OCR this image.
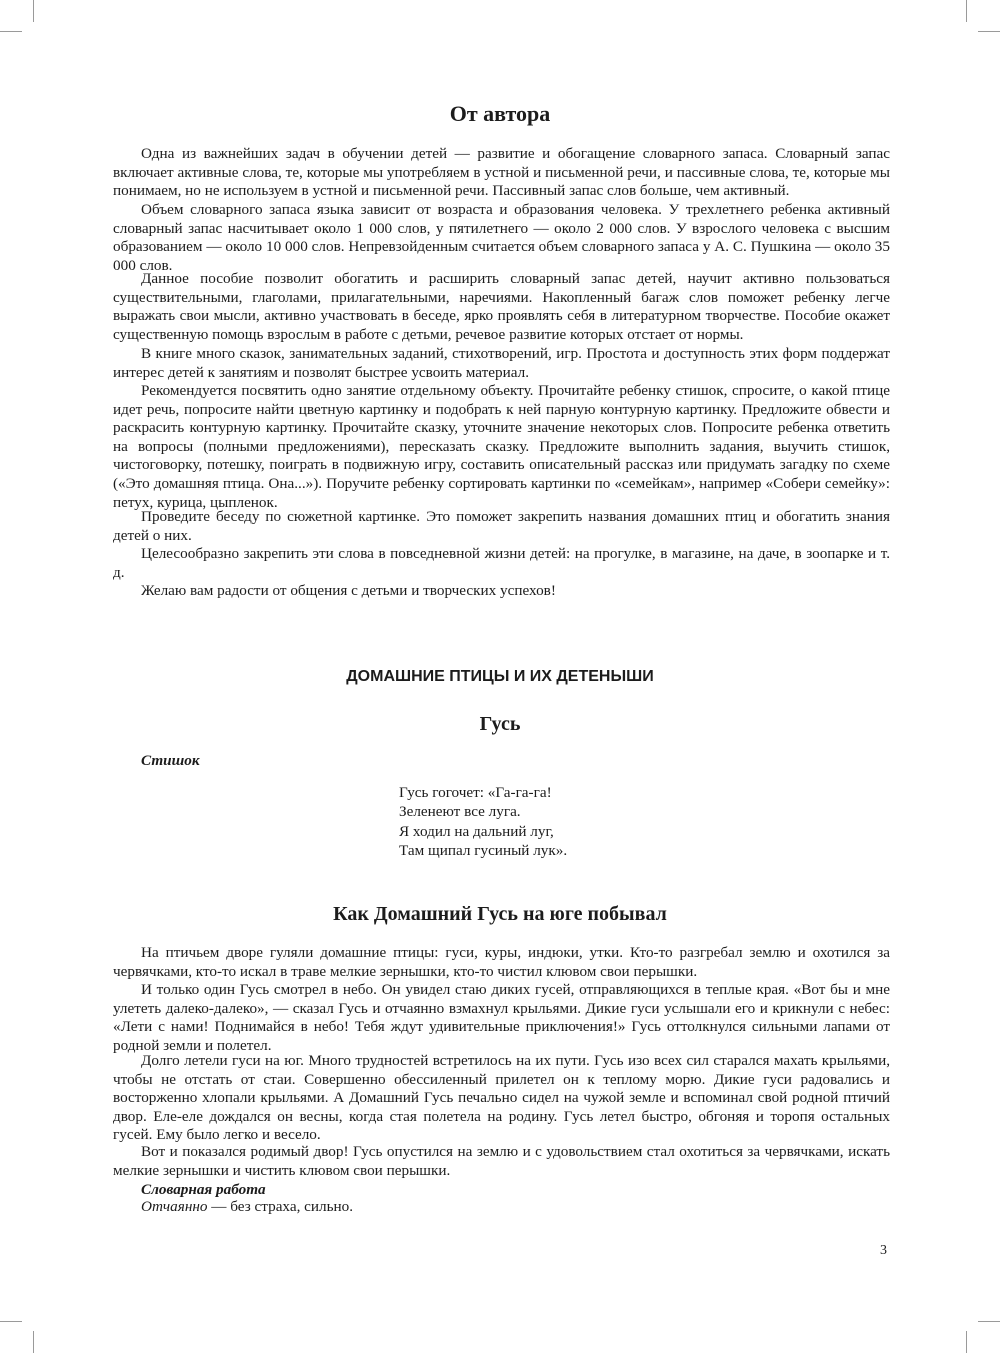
От автора

Одна из важнейших задач в обучении детей — развитие и обогащение словарного запаса. Словарный запас включает активные слова, те, которые мы употребляем в устной и письменной речи, и пассивные слова, те, которые мы понимаем, но не используем в устной и письменной речи. Пассивный запас слов больше, чем активный.

Объем словарного запаса языка зависит от возраста и образования человека. У трехлетнего ребенка активный словарный запас насчитывает около 1 000 слов, у пятилетнего — около 2 000 слов. У взрослого человека с высшим образованием — около 10 000 слов. Непревзойденным считается объем словарного запаса у А. С. Пушкина — около 35 000 слов.

Данное пособие позволит обогатить и расширить словарный запас детей, научит активно пользоваться существительными, глаголами, прилагательными, наречиями. Накопленный багаж слов поможет ребенку легче выражать свои мысли, активно участвовать в беседе, ярко проявлять себя в литературном творчестве. Пособие окажет существенную помощь взрослым в работе с детьми, речевое развитие которых отстает от нормы.

В книге много сказок, занимательных заданий, стихотворений, игр. Простота и доступность этих форм поддержат интерес детей к занятиям и позволят быстрее усвоить материал.

Рекомендуется посвятить одно занятие отдельному объекту. Прочитайте ребенку стишок, спросите, о какой птице идет речь, попросите найти цветную картинку и подобрать к ней парную контурную картинку. Предложите обвести и раскрасить контурную картинку. Прочитайте сказку, уточните значение некоторых слов. Попросите ребенка ответить на вопросы (полными предложениями), пересказать сказку. Предложите выполнить задания, выучить стишок, чистоговорку, потешку, поиграть в подвижную игру, составить описательный рассказ или придумать загадку по схеме («Это домашняя птица. Она...»). Поручите ребенку сортировать картинки по «семейкам», например «Собери семейку»: петух, курица, цыпленок.

Проведите беседу по сюжетной картинке. Это поможет закрепить названия домашних птиц и обогатить знания детей о них.

Целесообразно закрепить эти слова в повседневной жизни детей: на прогулке, в магазине, на даче, в зоопарке и т. д.

Желаю вам радости от общения с детьми и творческих успехов!

ДОМАШНИЕ ПТИЦЫ И ИХ ДЕТЕНЫШИ
Гусь
Стишок
Гусь гогочет: «Га-га-га!
Зеленеют все луга.
Я ходил на дальний луг,
Там щипал гусиный лук».
Как Домашний Гусь на юге побывал

На птичьем дворе гуляли домашние птицы: гуси, куры, индюки, утки. Кто-то разгребал землю и охотился за червячками, кто-то искал в траве мелкие зернышки, кто-то чистил клювом свои перышки.

И только один Гусь смотрел в небо. Он увидел стаю диких гусей, отправляющихся в теплые края. «Вот бы и мне улететь далеко-далеко», — сказал Гусь и отчаянно взмахнул крыльями. Дикие гуси услышали его и крикнули с небес: «Лети с нами! Поднимайся в небо! Тебя ждут удивительные приключения!» Гусь оттолкнулся сильными лапами от родной земли и полетел.

Долго летели гуси на юг. Много трудностей встретилось на их пути. Гусь изо всех сил старался махать крыльями, чтобы не отстать от стаи. Совершенно обессиленный прилетел он к теплому морю. Дикие гуси радовались и восторженно хлопали крыльями. А Домашний Гусь печально сидел на чужой земле и вспоминал свой родной птичий двор. Еле-еле дождался он весны, когда стая полетела на родину. Гусь летел быстро, обгоняя и торопя остальных гусей. Ему было легко и весело.

Вот и показался родимый двор! Гусь опустился на землю и с удовольствием стал охотиться за червячками, искать мелкие зернышки и чистить клювом свои перышки.

Словарная работа
Отчаянно — без страха, сильно.
3
